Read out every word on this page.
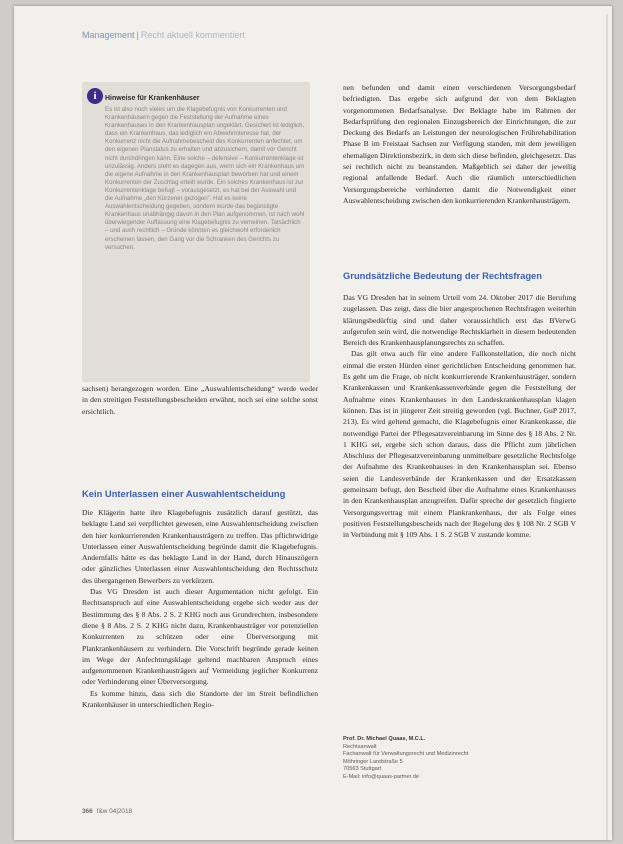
Management | Recht aktuell kommentiert
i	Hinweise für Krankenhäuser
Es ist also noch vieles um die Klagebefugnis von Konkurrenten und Krankenhäusern gegen die Feststellung der Aufnahme eines Krankenhauses in den Krankenhausplan ungeklärt. Gesichert ist lediglich, dass ein Krankenhaus, das lediglich ein Abwehrinteresse hat, der Konkurrenz nicht die Aufnahmebescheid des Konkurrenten anfechtet, um den eigenen Planstatus zu erhalten und abzusichern, damit vor Gericht nicht durchdringen kann. Eine solche – defensive – Konkurrentenklage ist unzulässig. Anders steht es dagegen aus, wenn sich ein Krankenhaus um die eigene Aufnahme in den Krankenhausplan beworben hat und einem Konkurrenten der Zuschlag erteilt wurde. Ein solches Krankenhaus ist zur Konkurrentenklage befugt – vorausgesetzt, es hat bei der Auswahl und die Aufnahme „den Kürzeren gezogen“. Hat es keine Auswahlentscheidung gegeben, sondern wurde das begünstigte Krankenhaus unabhängig davon in den Plan aufgenommen, ist nach wohl überwiegender Auffassung eine Klagebefugnis zu verneinen. Tatsächlich – und auch rechtlich – Gründe könnten es gleichwohl erforderlich erscheinen lassen, den Gang vor die Schranken des Gerichts zu versuchen.

sachsen) herangezogen worden. Eine „Auswahlentscheidung“ werde weder in den streitigen Feststellungsbescheiden erwähnt, noch sei eine solche sonst ersichtlich.

Kein Unterlassen einer Auswahlentscheidung

Die Klägerin hatte ihre Klagebefugnis zusätzlich darauf gestützt, das beklagte Land sei verpflichtet gewesen, eine Auswahlentscheidung zwischen den hier konkurrierenden Krankenhausträgern zu treffen. Das pflichtwidrige Unterlassen einer Auswahlentscheidung begründe damit die Klagebefugnis. Andernfalls hätte es das beklagte Land in der Hand, durch Hinauszögern oder gänzliches Unterlassen einer Auswahlentscheidung den Rechtsschutz des übergangenen Bewerbers zu verkürzen.

Das VG Dresden ist auch dieser Argumentation nicht gefolgt. Ein Rechtsanspruch auf eine Auswahlentscheidung ergebe sich weder aus der Bestimmung des § 8 Abs. 2 S. 2 KHG noch aus Grundrechten, insbesondere diene § 8 Abs. 2 S. 2 KHG nicht dazu, Krankenhausträger vor potenziellen Konkurrenten zu schützen oder eine Überversorgung mit Plankrankenhäusern zu verhindern. Die Vorschrift begründe gerade keinen im Wege der Anfechtungsklage geltend machbaren Anspruch eines aufgenommenen Krankenhausträgers auf Vermeidung jeglicher Konkurrenz oder Verhinderung einer Überversorgung.

Es komme hinzu, dass sich die Standorte der im Streit befindlichen Krankenhäuser in unterschiedlichen Regio-

nen befunden und damit einen verschiedenen Versorgungsbedarf befriedigten. Das ergebe sich aufgrund der von dem Beklagten vorgenommenen Bedarfsanalyse. Der Beklagte habe im Rahmen der Bedarfsprüfung den regionalen Einzugsbereich der Einrichtungen, die zur Deckung des Bedarfs an Leistungen der neurologischen Frührehabilitation Phase B im Freistaat Sachsen zur Verfügung standen, mit dem jeweiligen ehemaligen Direktionsbezirk, in dem sich diese befinden, gleichgesetzt. Das sei rechtlich nicht zu beanstanden. Maßgeblich sei daher der jeweilig regional anfallende Bedarf. Auch die räumlich unterschiedlichen Versorgungsbereiche verhinderten damit die Notwendigkeit einer Auswahlentscheidung zwischen den konkurrierenden Krankenhausträgern.

Grundsätzliche Bedeutung der Rechtsfragen

Das VG Dresden hat in seinem Urteil vom 24. Oktober 2017 die Berufung zugelassen. Das zeigt, dass die hier angesprochenen Rechtsfragen weiterhin klärungsbedürftig sind und daher voraussichtlich erst das BVerwG aufgerufen sein wird, die notwendige Rechtsklarheit in diesem bedeutenden Bereich des Krankenhausplanungsrechts zu schaffen.

Das gilt etwa auch für eine andere Fallkonstellation, die noch nicht einmal die ersten Hürden einer gerichtlichen Entscheidung genommen hat. Es geht um die Frage, ob nicht konkurrierende Krankenhausträger, sondern Krankenkassen und Krankenkassenverbände gegen die Feststellung der Aufnahme eines Krankenhauses in den Landeskrankenhausplan klagen können. Das ist in jüngerer Zeit streitig geworden (vgl. Buchner, GuP 2017, 213). Es wird geltend gemacht, die Klagebefugnis einer Krankenkasse, die notwendige Partei der Pflegesatzvereinbarung im Sinne des § 18 Abs. 2 Nr. 1 KHG sei, ergebe sich schon daraus, dass die Pflicht zum jährlichen Abschluss der Pflegesatzvereinbarung unmittelbare gesetzliche Rechtsfolge der Aufnahme des Krankenhauses in den Krankenhausplan sei. Ebenso seien die Landesverbände der Krankenkassen und der Ersatzkassen gemeinsam befugt, den Bescheid über die Aufnahme eines Krankenhauses in den Krankenhausplan anzugreifen. Dafür spreche der gesetzlich fingierte Versorgungsvertrag mit einem Plankrankenhaus, der als Folge eines positiven Feststellungsbescheids nach der Regelung des § 108 Nr. 2 SGB V in Verbindung mit § 109 Abs. 1 S. 2 SGB V zustande komme.

Prof. Dr. Michael Quaas, M.C.L.
Rechtsanwalt
Fachanwalt für Verwaltungsrecht und Medizinrecht
Möhringer Landstraße 5
70563 Stuttgart
E-Mail: info@quaas-partner.de
366 f&w 04|2018
